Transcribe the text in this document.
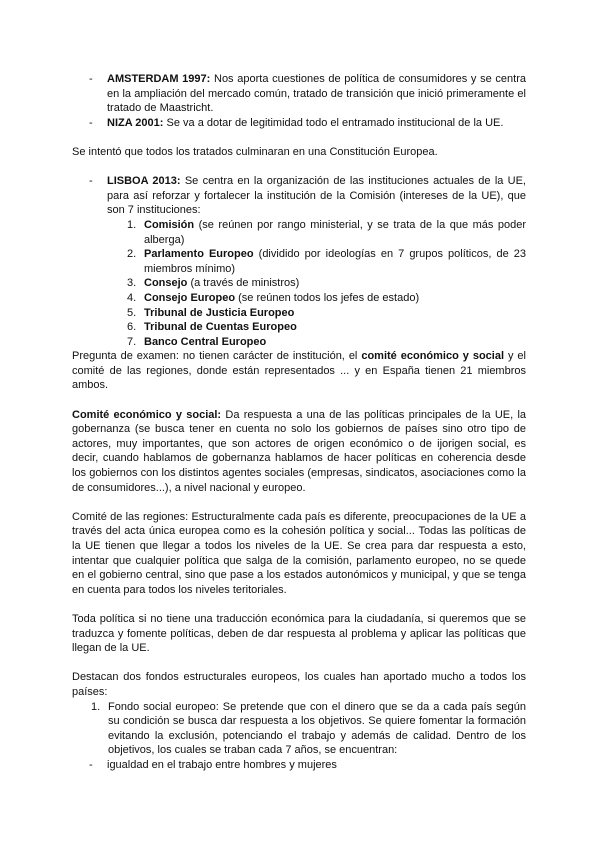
- AMSTERDAM 1997: Nos aporta cuestiones de política de consumidores y se centra en la ampliación del mercado común, tratado de transición que inició primeramente el tratado de Maastricht.
- NIZA 2001: Se va a dotar de legitimidad todo el entramado institucional de la UE.

Se intentó que todos los tratados culminaran en una Constitución Europea.

- LISBOA 2013: Se centra en la organización de las instituciones actuales de la UE, para así reforzar y fortalecer la institución de la Comisión (intereses de la UE), que son 7 instituciones:
1. Comisión (se reúnen por rango ministerial, y se trata de la que más poder alberga)
2. Parlamento Europeo (dividido por ideologías en 7 grupos políticos, de 23 miembros mínimo)
3. Consejo (a través de ministros)
4. Consejo Europeo (se reúnen todos los jefes de estado)
5. Tribunal de Justicia Europeo
6. Tribunal de Cuentas Europeo
7. Banco Central Europeo

Pregunta de examen: no tienen carácter de institución, el comité económico y social y el comité de las regiones, donde están representados ... y en España tienen 21 miembros ambos.

Comité económico y social: Da respuesta a una de las políticas principales de la UE, la gobernanza (se busca tener en cuenta no solo los gobiernos de países sino otro tipo de actores, muy importantes, que son actores de origen económico o de ijorigen social, es decir, cuando hablamos de gobernanza hablamos de hacer políticas en coherencia desde los gobiernos con los distintos agentes sociales (empresas, sindicatos, asociaciones como la de consumidores...), a nivel nacional y europeo.

Comité de las regiones: Estructuralmente cada país es diferente, preocupaciones de la UE a través del acta única europea como es la cohesión política y social... Todas las políticas de la UE tienen que llegar a todos los niveles de la UE. Se crea para dar respuesta a esto, intentar que cualquier política que salga de la comisión, parlamento europeo, no se quede en el gobierno central, sino que pase a los estados autonómicos y municipal, y que se tenga en cuenta para todos los niveles teritoriales.

Toda política si no tiene una traducción económica para la ciudadanía, si queremos que se traduzca y fomente políticas, deben de dar respuesta al problema y aplicar las políticas que llegan de la UE.

Destacan dos fondos estructurales europeos, los cuales han aportado mucho a todos los países:

1. Fondo social europeo: Se pretende que con el dinero que se da a cada país según su condición se busca dar respuesta a los objetivos. Se quiere fomentar la formación evitando la exclusión, potenciando el trabajo y además de calidad. Dentro de los objetivos, los cuales se traban cada 7 años, se encuentran:
- igualdad en el trabajo entre hombres y mujeres
